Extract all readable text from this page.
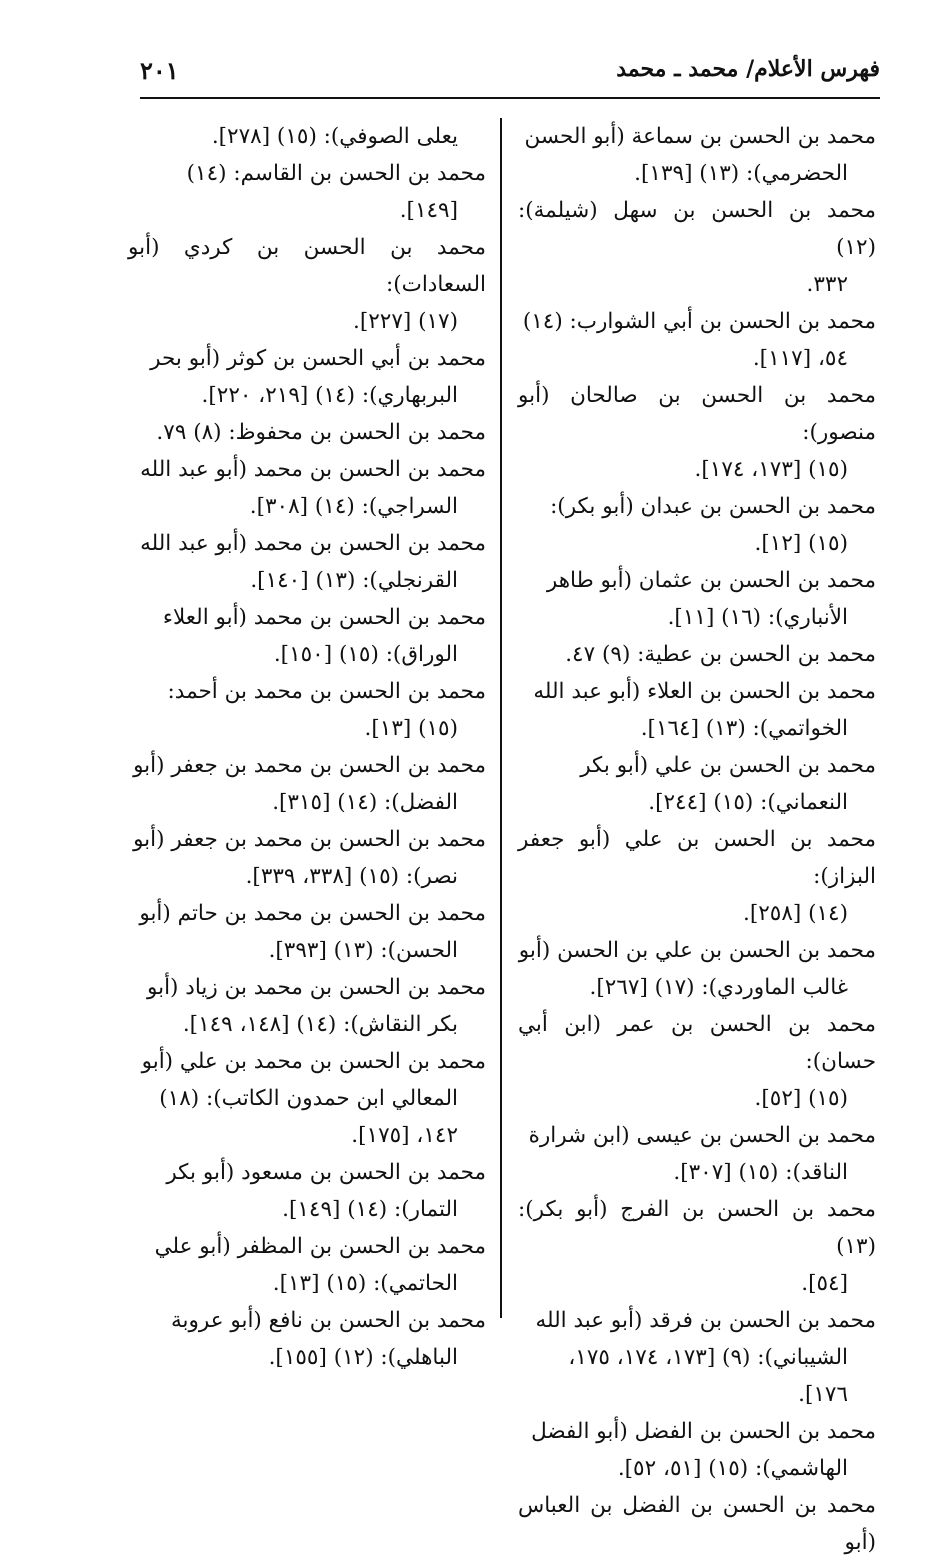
فهرس الأعلام/ محمد ـ محمد
٢٠١

محمد بن الحسن بن سماعة (أبو الحسن
الحضرمي): (١٣) [١٣٩].

محمد بن الحسن بن سهل (شيلمة): (١٢)
٣٣٢.

محمد بن الحسن بن أبي الشوارب: (١٤)
٥٤، [١١٧].

محمد بن الحسن بن صالحان (أبو منصور):
(١٥) [١٧٣، ١٧٤].

محمد بن الحسن بن عبدان (أبو بكر):
(١٥) [١٢].

محمد بن الحسن بن عثمان (أبو طاهر
الأنباري): (١٦) [١١].

محمد بن الحسن بن عطية: (٩) ٤٧.

محمد بن الحسن بن العلاء (أبو عبد الله
الخواتمي): (١٣) [١٦٤].

محمد بن الحسن بن علي (أبو بكر
النعماني): (١٥) [٢٤٤].

محمد بن الحسن بن علي (أبو جعفر البزاز):
(١٤) [٢٥٨].

محمد بن الحسن بن علي بن الحسن (أبو
غالب الماوردي): (١٧) [٢٦٧].

محمد بن الحسن بن عمر (ابن أبي حسان):
(١٥) [٥٢].

محمد بن الحسن بن عيسى (ابن شرارة
الناقد): (١٥) [٣٠٧].

محمد بن الحسن بن الفرج (أبو بكر): (١٣)
[٥٤].

محمد بن الحسن بن فرقد (أبو عبد الله
الشيباني): (٩) [١٧٣، ١٧٤، ١٧٥،
١٧٦].

محمد بن الحسن بن الفضل (أبو الفضل
الهاشمي): (١٥) [٥١، ٥٢].

محمد بن الحسن بن الفضل بن العباس (أبو

يعلى الصوفي): (١٥) [٢٧٨].

محمد بن الحسن بن القاسم: (١٤)
[١٤٩].

محمد بن الحسن بن كردي (أبو السعادات):
(١٧) [٢٢٧].

محمد بن أبي الحسن بن كوثر (أبو بحر
البربهاري): (١٤) [٢١٩، ٢٢٠].

محمد بن الحسن بن محفوظ: (٨) ٧٩.

محمد بن الحسن بن محمد (أبو عبد الله
السراجي): (١٤) [٣٠٨].

محمد بن الحسن بن محمد (أبو عبد الله
القرنجلي): (١٣) [١٤٠].

محمد بن الحسن بن محمد (أبو العلاء
الوراق): (١٥) [١٥٠].

محمد بن الحسن بن محمد بن أحمد:
(١٥) [١٣].

محمد بن الحسن بن محمد بن جعفر (أبو
الفضل): (١٤) [٣١٥].

محمد بن الحسن بن محمد بن جعفر (أبو
نصر): (١٥) [٣٣٨، ٣٣٩].

محمد بن الحسن بن محمد بن حاتم (أبو
الحسن): (١٣) [٣٩٣].

محمد بن الحسن بن محمد بن زياد (أبو
بكر النقاش): (١٤) [١٤٨، ١٤٩].

محمد بن الحسن بن محمد بن علي (أبو
المعالي ابن حمدون الكاتب): (١٨)
١٤٢، [١٧٥].

محمد بن الحسن بن مسعود (أبو بكر
التمار): (١٤) [١٤٩].

محمد بن الحسن بن المظفر (أبو علي
الحاتمي): (١٥) [١٣].

محمد بن الحسن بن نافع (أبو عروبة
الباهلي): (١٢) [١٥٥].
